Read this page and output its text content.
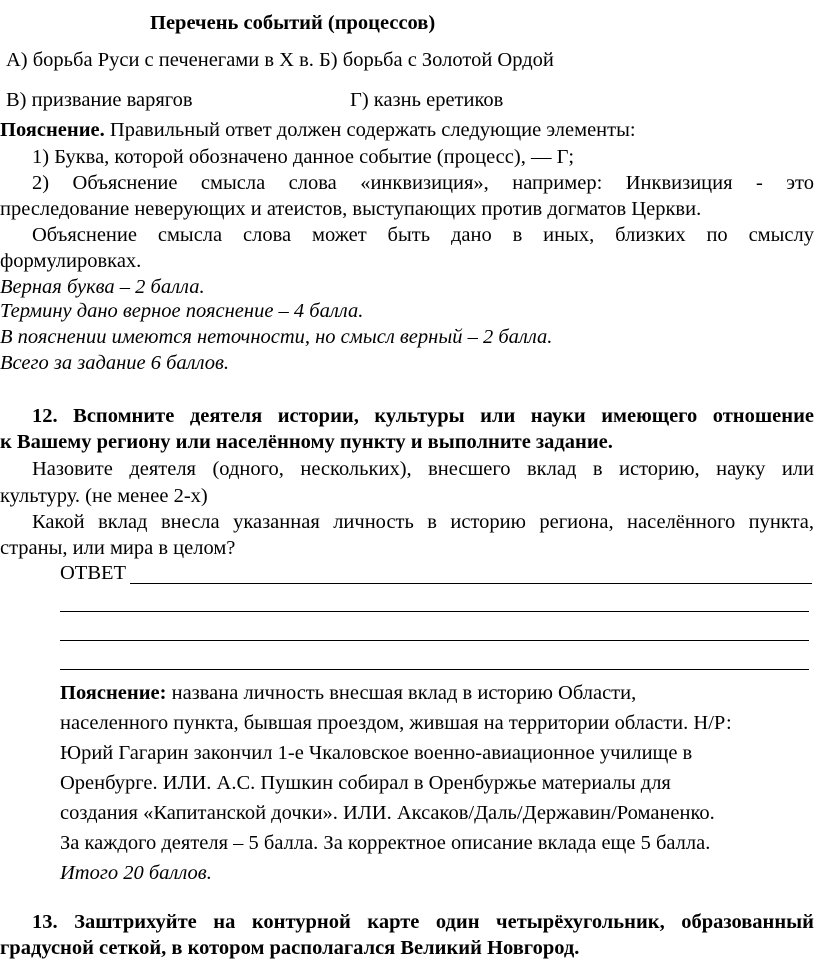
Перечень событий (процессов)
А) борьба Руси с печенегами в X в. Б) борьба с Золотой Ордой
В) призвание варягов	Г) казнь еретиков
Пояснение. Правильный ответ должен содержать следующие элементы:
1) Буква, которой обозначено данное событие (процесс), — Г;
2) Объяснение смысла слова «инквизиция», например: Инквизиция - это
преследование неверующих и атеистов, выступающих против догматов Церкви.
Объяснение смысла слова может быть дано в иных, близких по смыслу
формулировках.
Верная буква – 2 балла.
Термину дано верное пояснение – 4 балла.
В пояснении имеются неточности, но смысл верный – 2 балла.
Всего за задание 6 баллов.
12. Вспомните деятеля истории, культуры или науки имеющего отношение
к Вашему региону или населённому пункту и выполните задание.
Назовите деятеля (одного, нескольких), внесшего вклад в историю, науку или
культуру. (не менее 2-х)
Какой вклад внесла указанная личность в историю региона, населённого пункта,
страны, или мира в целом?
ОТВЕТ
Пояснение: названа личность внесшая вклад в историю Области,
населенного пункта, бывшая проездом, жившая на территории области. Н/Р:
Юрий Гагарин закончил 1-е Чкаловское военно-авиационное училище в
Оренбурге. ИЛИ. А.С. Пушкин собирал в Оренбуржье материалы для
создания «Капитанской дочки». ИЛИ. Аксаков/Даль/Державин/Романенко.
За каждого деятеля – 5 балла. За корректное описание вклада еще 5 балла.
Итого 20 баллов.
13. Заштрихуйте на контурной карте один четырёхугольник, образованный
градусной сеткой, в котором располагался Великий Новгород.
